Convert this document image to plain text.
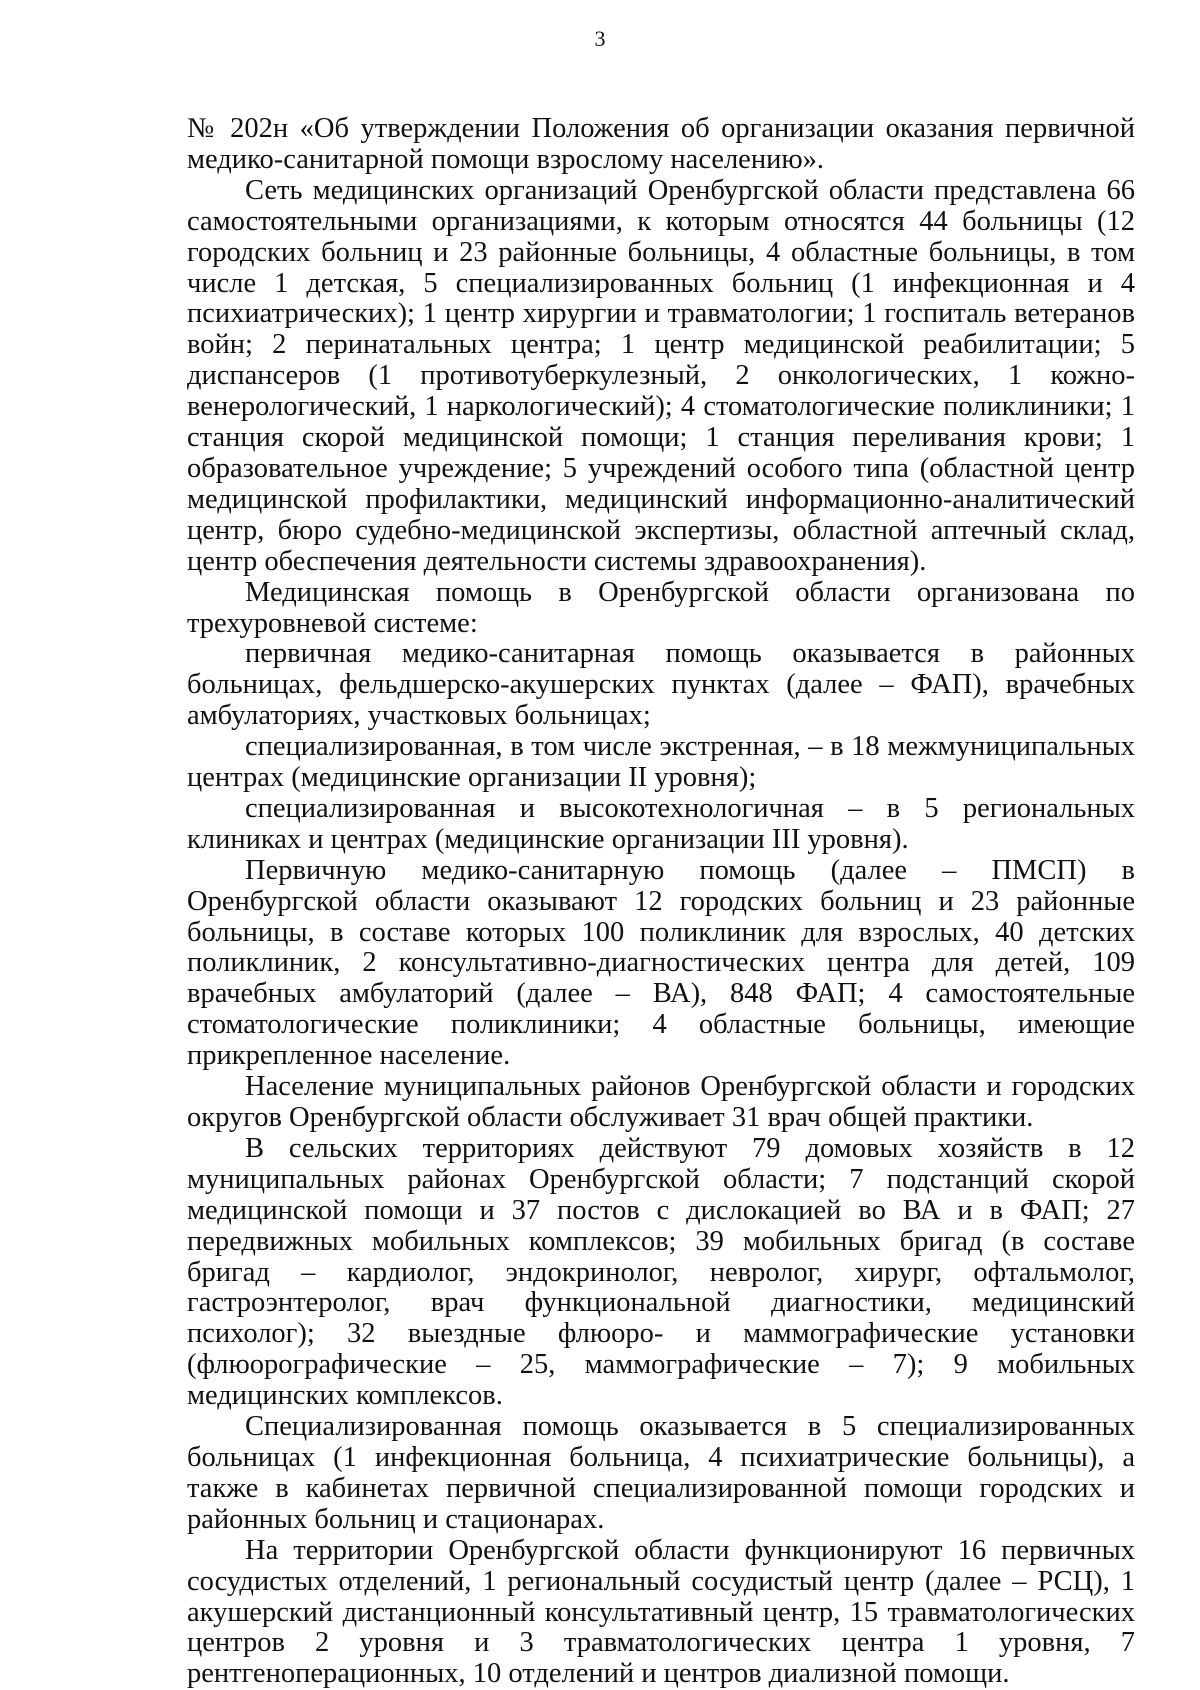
3

№ 202н «Об утверждении Положения об организации оказания первичной медико-санитарной помощи взрослому населению».

Сеть медицинских организаций Оренбургской области представлена 66 самостоятельными организациями, к которым относятся 44 больницы (12 городских больниц и 23 районные больницы, 4 областные больницы, в том числе 1 детская, 5 специализированных больниц (1 инфекционная и 4 психиатрических); 1 центр хирургии и травматологии; 1 госпиталь ветеранов войн; 2 перинатальных центра; 1 центр медицинской реабилитации; 5 диспансеров (1 противотуберкулезный, 2 онкологических, 1 кожно-венерологический, 1 наркологический); 4 стоматологические поликлиники; 1 станция скорой медицинской помощи; 1 станция переливания крови; 1 образовательное учреждение; 5 учреждений особого типа (областной центр медицинской профилактики, медицинский информационно-аналитический центр, бюро судебно-медицинской экспертизы, областной аптечный склад, центр обеспечения деятельности системы здравоохранения).

Медицинская помощь в Оренбургской области организована по трехуровневой системе:

первичная медико-санитарная помощь оказывается в районных больницах, фельдшерско-акушерских пунктах (далее – ФАП), врачебных амбулаториях, участковых больницах;

специализированная, в том числе экстренная, – в 18 межмуниципальных центрах (медицинские организации II уровня);

специализированная и высокотехнологичная – в 5 региональных клиниках и центрах (медицинские организации III уровня).

Первичную медико-санитарную помощь (далее – ПМСП) в Оренбургской области оказывают 12 городских больниц и 23 районные больницы, в составе которых 100 поликлиник для взрослых, 40 детских поликлиник, 2 консультативно-диагностических центра для детей, 109 врачебных амбулаторий (далее – ВА), 848 ФАП; 4 самостоятельные стоматологические поликлиники; 4 областные больницы, имеющие прикрепленное население.

Население муниципальных районов Оренбургской области и городских округов Оренбургской области обслуживает 31 врач общей практики.

В сельских территориях действуют 79 домовых хозяйств в 12 муниципальных районах Оренбургской области; 7 подстанций скорой медицинской помощи и 37 постов с дислокацией во ВА и в ФАП; 27 передвижных мобильных комплексов; 39 мобильных бригад (в составе бригад – кардиолог, эндокринолог, невролог, хирург, офтальмолог, гастроэнтеролог, врач функциональной диагностики, медицинский психолог); 32 выездные флюоро- и маммографические установки (флюорографические – 25, маммографические – 7); 9 мобильных медицинских комплексов.

Специализированная помощь оказывается в 5 специализированных больницах (1 инфекционная больница, 4 психиатрические больницы), а также в кабинетах первичной специализированной помощи городских и районных больниц и стационарах.

На территории Оренбургской области функционируют 16 первичных сосудистых отделений, 1 региональный сосудистый центр (далее – РСЦ), 1 акушерский дистанционный консультативный центр, 15 травматологических центров 2 уровня и 3 травматологических центра 1 уровня, 7 рентгеноперационных, 10 отделений и центров диализной помощи.
